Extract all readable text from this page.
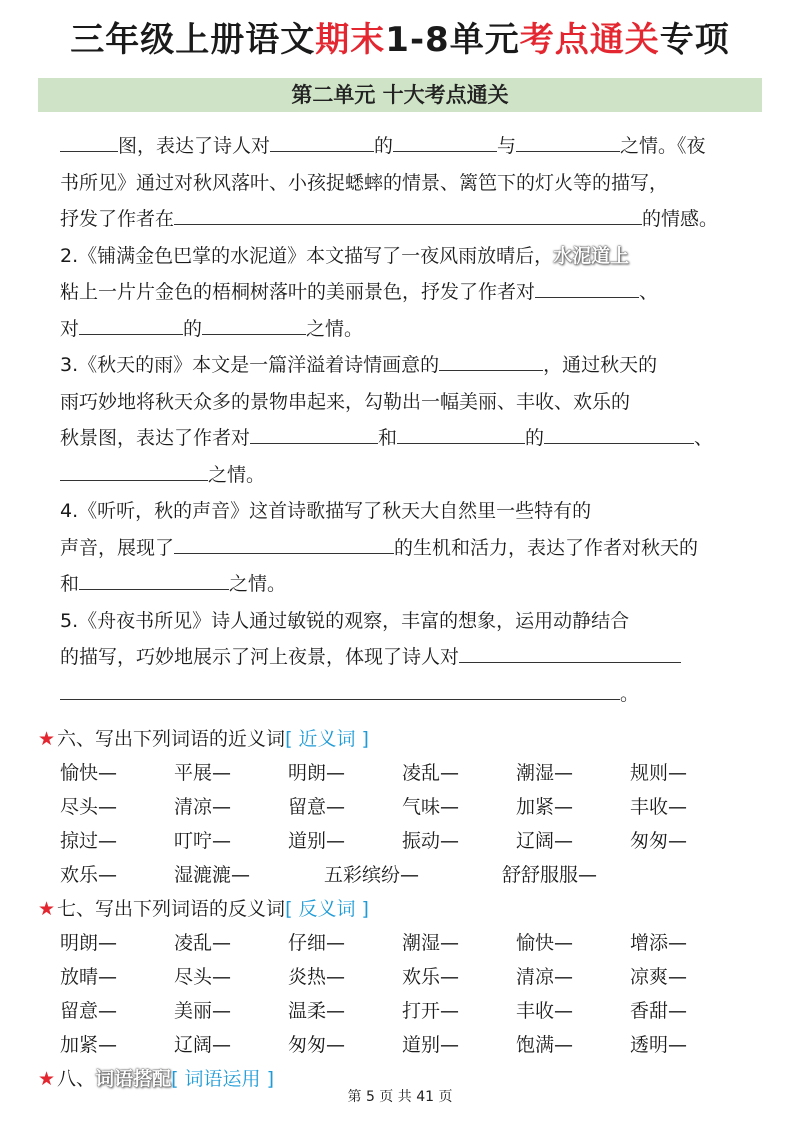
三年级上册语文期末1-8单元考点通关专项
第二单元 十大考点通关
图，表达了诗人对	的	与	之情。《夜
书所见》通过对秋风落叶、小孩捉蟋蟀的情景、篱笆下的灯火等的描写，
抒发了作者在	的情感。
2.《铺满金色巴掌的水泥道》本文描写了一夜风雨放晴后，水泥道上
粘上一片片金色的梧桐树落叶的美丽景色，抒发了作者对	、
对	的	之情。
3.《秋天的雨》本文是一篇洋溢着诗情画意的	，通过秋天的
雨巧妙地将秋天众多的景物串起来，勾勒出一幅美丽、丰收、欢乐的
秋景图，表达了作者对	和	的	、
之情。
4.《听听，秋的声音》这首诗歌描写了秋天大自然里一些特有的
声音，展现了	的生机和活力，表达了作者对秋天的
和	之情。
5.《舟夜书所见》诗人通过敏锐的观察，丰富的想象，运用动静结合
的描写，巧妙地展示了河上夜景，体现了诗人对
。
★ 六、写出下列词语的近义词[ 近义词 ]
愉快—	平展—	明朗—	凌乱—	潮湿—	规则—
尽头—	清凉—	留意—	气味—	加紧—	丰收—
掠过—	叮咛—	道别—	振动—	辽阔—	匆匆—
欢乐—	湿漉漉—	五彩缤纷—	舒舒服服—
★ 七、写出下列词语的反义词[ 反义词 ]
明朗—	凌乱—	仔细—	潮湿—	愉快—	增添—
放晴—	尽头—	炎热—	欢乐—	清凉—	凉爽—
留意—	美丽—	温柔—	打开—	丰收—	香甜—
加紧—	辽阔—	匆匆—	道别—	饱满—	透明—
★ 八、词语搭配[ 词语运用 ]
第 5 页 共 41 页
